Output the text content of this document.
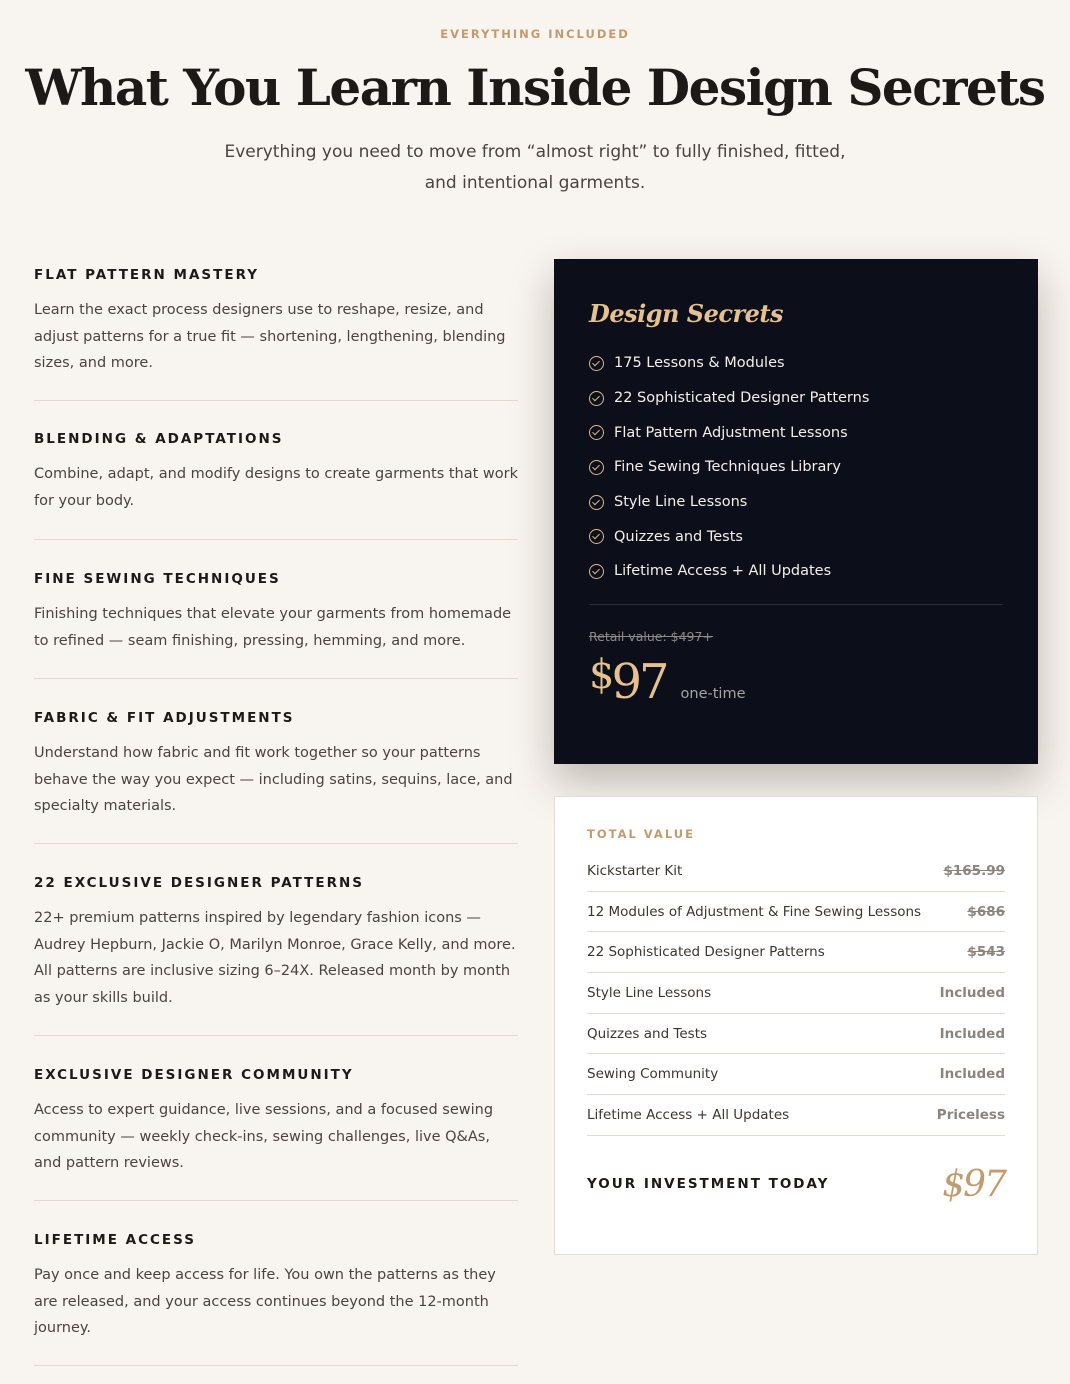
EVERYTHING INCLUDED
What You Learn Inside Design Secrets

Everything you need to move from “almost right” to fully finished, fitted, and intentional garments.

FLAT PATTERN MASTERY

Learn the exact process designers use to reshape, resize, and adjust patterns for a true fit — shortening, lengthening, blending sizes, and more.

BLENDING & ADAPTATIONS

Combine, adapt, and modify designs to create garments that work for your body.

FINE SEWING TECHNIQUES

Finishing techniques that elevate your garments from homemade to refined — seam finishing, pressing, hemming, and more.

FABRIC & FIT ADJUSTMENTS

Understand how fabric and fit work together so your patterns behave the way you expect — including satins, sequins, lace, and specialty materials.

22 EXCLUSIVE DESIGNER PATTERNS

22+ premium patterns inspired by legendary fashion icons — Audrey Hepburn, Jackie O, Marilyn Monroe, Grace Kelly, and more. All patterns are inclusive sizing 6–24X. Released month by month as your skills build.

EXCLUSIVE DESIGNER COMMUNITY

Access to expert guidance, live sessions, and a focused sewing community — weekly check-ins, sewing challenges, live Q&As, and pattern reviews.

LIFETIME ACCESS

Pay once and keep access for life. You own the patterns as they are released, and your access continues beyond the 12-month journey.

Design Secrets
175 Lessons & Modules
22 Sophisticated Designer Patterns
Flat Pattern Adjustment Lessons
Fine Sewing Techniques Library
Style Line Lessons
Quizzes and Tests
Lifetime Access + All Updates
Retail value: $497+
$97 one-time
TOTAL VALUE
Kickstarter Kit	$165.99
12 Modules of Adjustment & Fine Sewing Lessons	$686
22 Sophisticated Designer Patterns	$543
Style Line Lessons	Included
Quizzes and Tests	Included
Sewing Community	Included
Lifetime Access + All Updates	Priceless
YOUR INVESTMENT TODAY	$97
